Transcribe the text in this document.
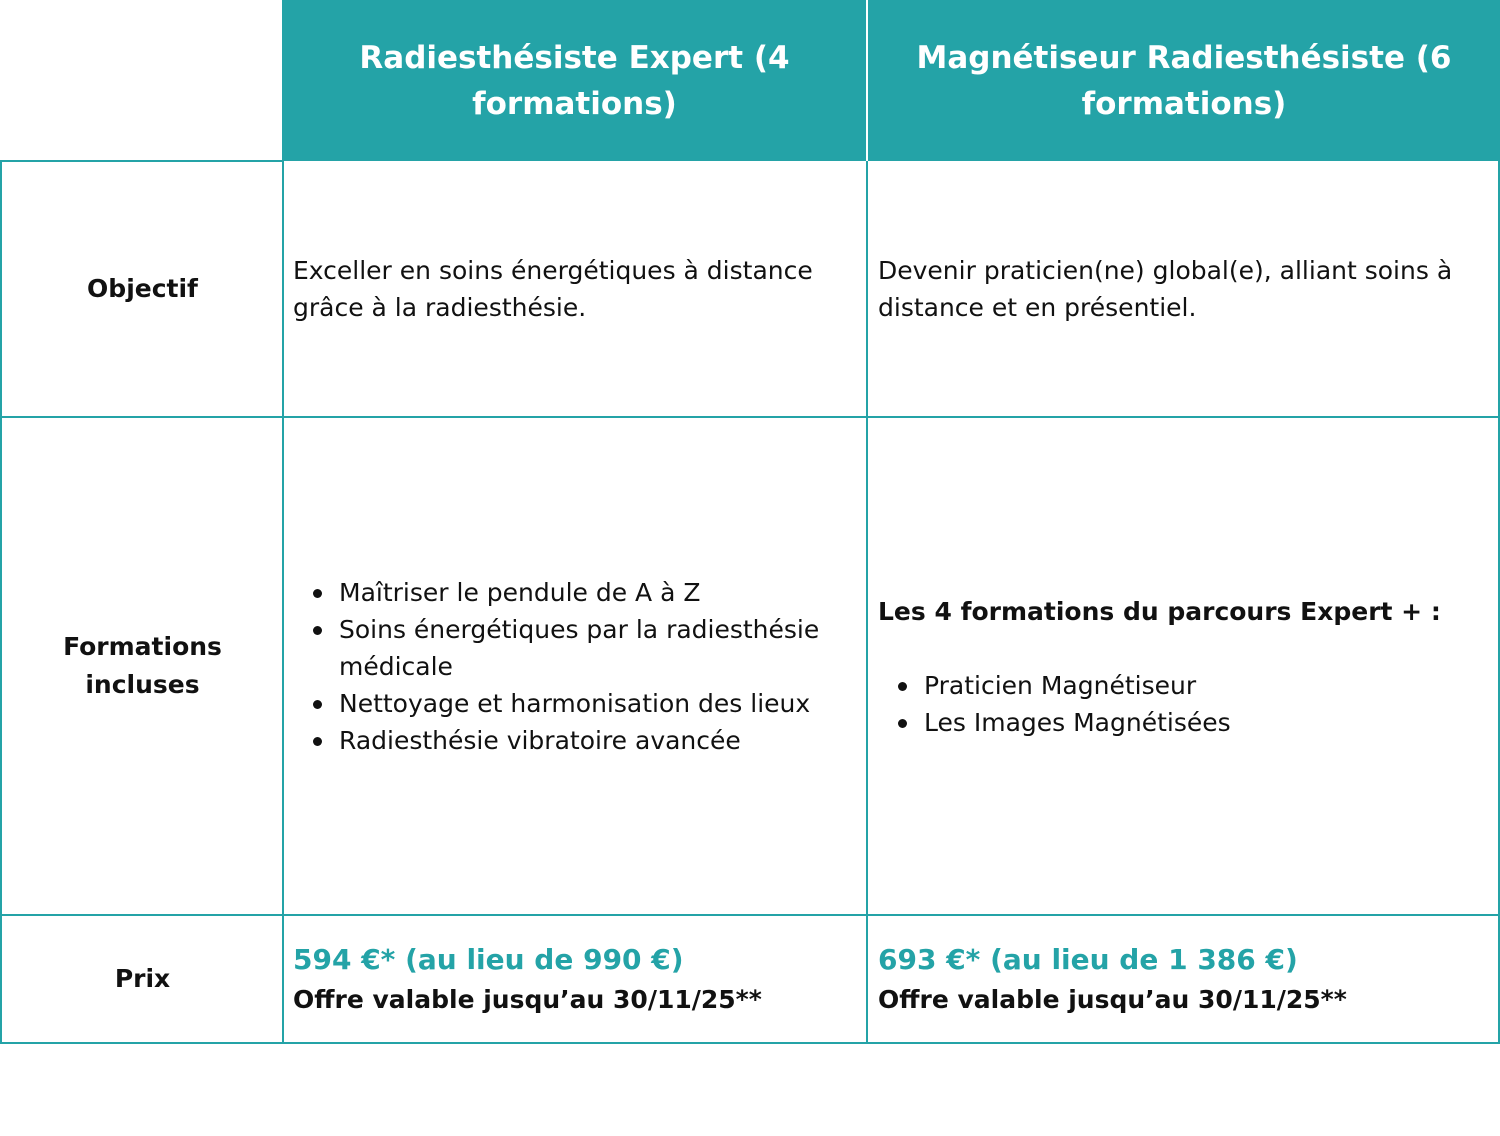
Radiesthésiste Expert (4 formations)
Magnétiseur Radiesthésiste (6 formations)
Objectif
Exceller en soins énergétiques à distance grâce à la radiesthésie.
Devenir praticien(ne) global(e), alliant soins à distance et en présentiel.
Formations incluses
Maîtriser le pendule de A à Z
Soins énergétiques par la radiesthésie médicale
Nettoyage et harmonisation des lieux
Radiesthésie vibratoire avancée
Les 4 formations du parcours Expert + :
Praticien Magnétiseur
Les Images Magnétisées
Prix
594 €* (au lieu de 990 €)
Offre valable jusqu’au 30/11/25**
693 €* (au lieu de 1 386 €)
Offre valable jusqu’au 30/11/25**
